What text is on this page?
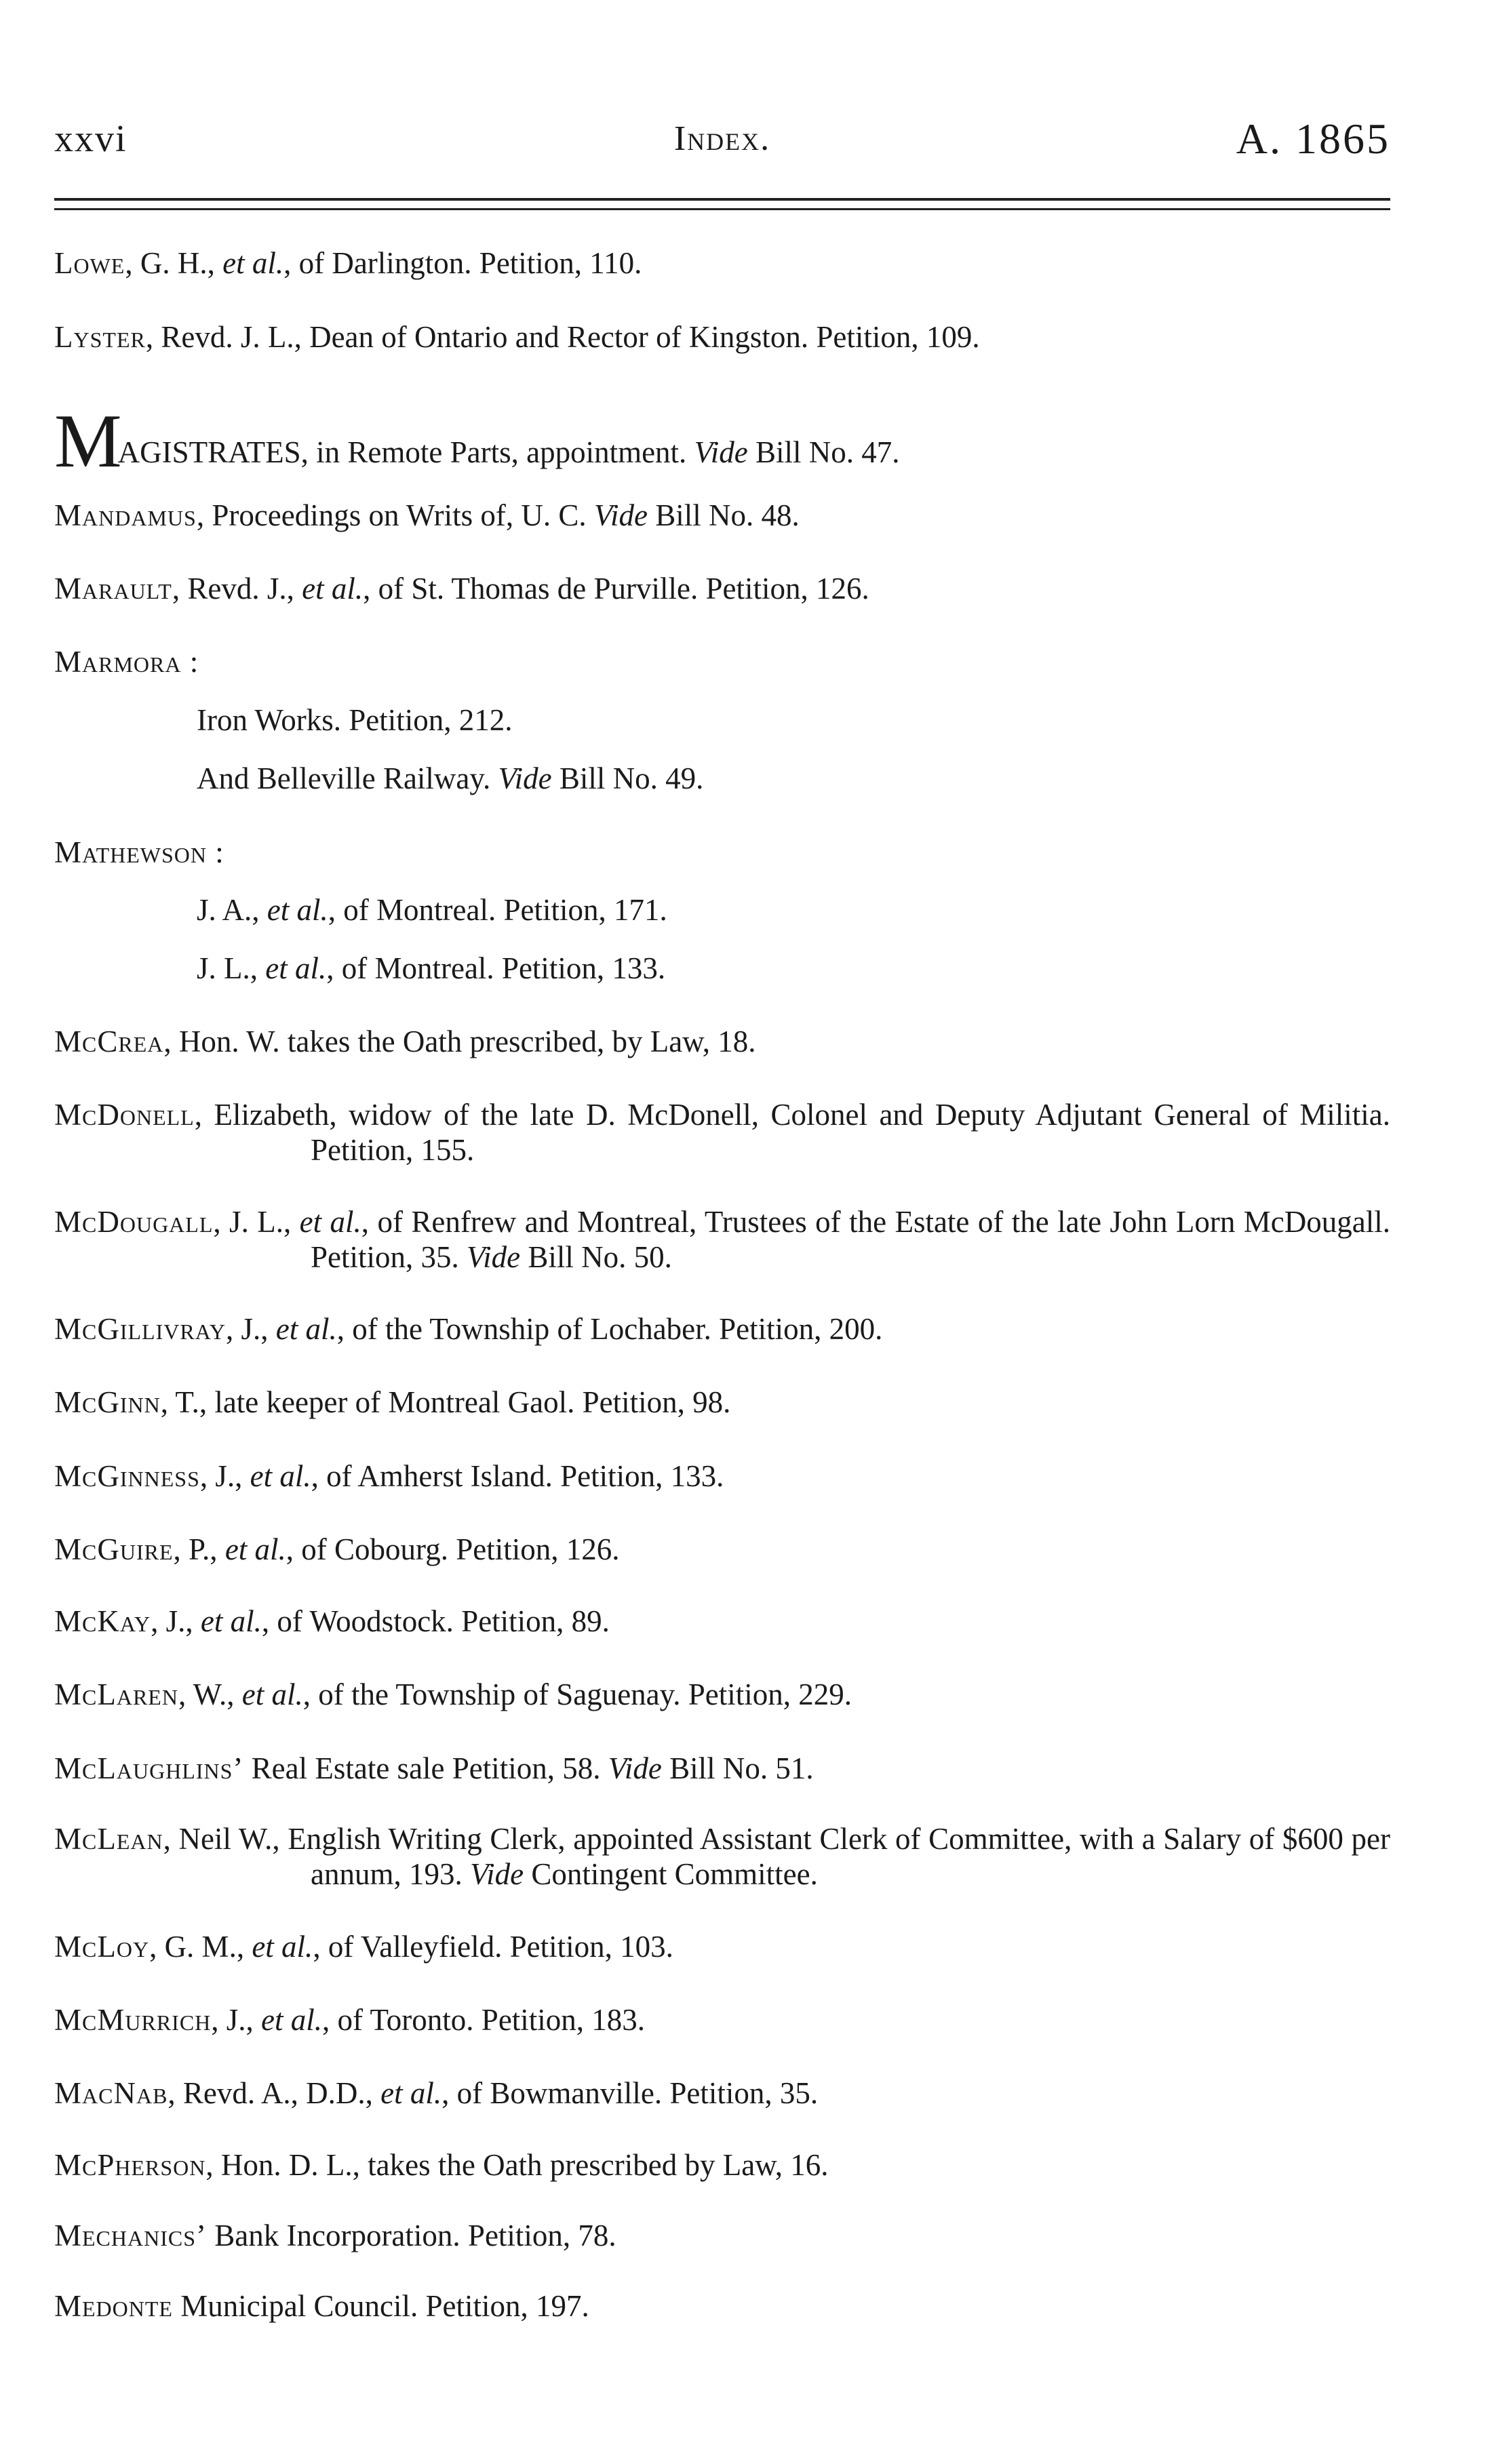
xxvi	Index.	A. 1865

Lowe, G. H., et al., of Darlington. Petition, 110.

Lyster, Revd. J. L., Dean of Ontario and Rector of Kingston. Petition, 109.

MAGISTRATES, in Remote Parts, appointment. Vide Bill No. 47.

Mandamus, Proceedings on Writs of, U. C. Vide Bill No. 48.

Marault, Revd. J., et al., of St. Thomas de Purville. Petition, 126.

Marmora :

Iron Works. Petition, 212.

And Belleville Railway. Vide Bill No. 49.

Mathewson :

J. A., et al., of Montreal. Petition, 171.

J. L., et al., of Montreal. Petition, 133.

McCrea, Hon. W. takes the Oath prescribed, by Law, 18.

McDonell, Elizabeth, widow of the late D. McDonell, Colonel and Deputy Adjutant General of Militia. Petition, 155.

McDougall, J. L., et al., of Renfrew and Montreal, Trustees of the Estate of the late John Lorn McDougall. Petition, 35. Vide Bill No. 50.

McGillivray, J., et al., of the Township of Lochaber. Petition, 200.

McGinn, T., late keeper of Montreal Gaol. Petition, 98.

McGinness, J., et al., of Amherst Island. Petition, 133.

McGuire, P., et al., of Cobourg. Petition, 126.

McKay, J., et al., of Woodstock. Petition, 89.

McLaren, W., et al., of the Township of Saguenay. Petition, 229.

McLaughlins’ Real Estate sale Petition, 58. Vide Bill No. 51.

McLean, Neil W., English Writing Clerk, appointed Assistant Clerk of Committee, with a Salary of $600 per annum, 193. Vide Contingent Committee.

McLoy, G. M., et al., of Valleyfield. Petition, 103.

McMurrich, J., et al., of Toronto. Petition, 183.

MacNab, Revd. A., D.D., et al., of Bowmanville. Petition, 35.

McPherson, Hon. D. L., takes the Oath prescribed by Law, 16.

Mechanics’ Bank Incorporation. Petition, 78.

Medonte Municipal Council. Petition, 197.
